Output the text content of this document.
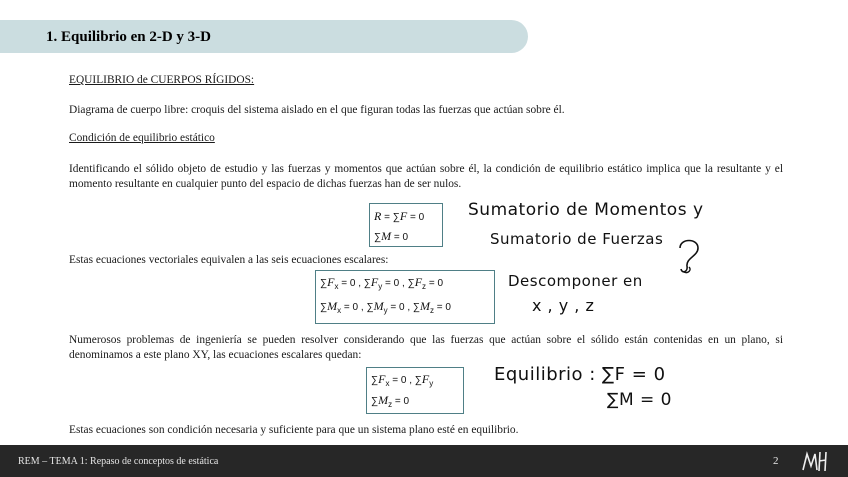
1. Equilibrio en 2-D y 3-D
EQUILIBRIO de CUERPOS RÍGIDOS:
Diagrama de cuerpo libre: croquis del sistema aislado en el que figuran todas las fuerzas que actúan sobre él.
Condición de equilibrio estático
Identificando el sólido objeto de estudio y las fuerzas y momentos que actúan sobre él, la condición de equilibrio estático implica que la resultante y el momento resultante en cualquier punto del espacio de dichas fuerzas han de ser nulos.
R = ∑F = 0
∑M = 0
Estas ecuaciones vectoriales equivalen a las seis ecuaciones escalares:
$\sum F_x = 0$ , $\sum F_y = 0$ , $\sum F_z = 0$
$\sum M_x = 0$ , $\sum M_y = 0$ , $\sum M_z = 0$
Numerosos problemas de ingeniería se pueden resolver considerando que las fuerzas que actúan sobre el sólido están contenidas en un plano, si denominamos a este plano XY, las ecuaciones escalares quedan:
$\sum F_x = 0$ , $\sum F_y$
$\sum M_z = 0$
Estas ecuaciones son condición necesaria y suficiente para que un sistema plano esté en equilibrio.
Sumatorio de Momentos y
Sumatorio de Fuerzas
Descomponer en
x , y , z
Equilibrio : ∑F = 0
∑M = 0
REM – TEMA 1: Repaso de conceptos de estática	2
